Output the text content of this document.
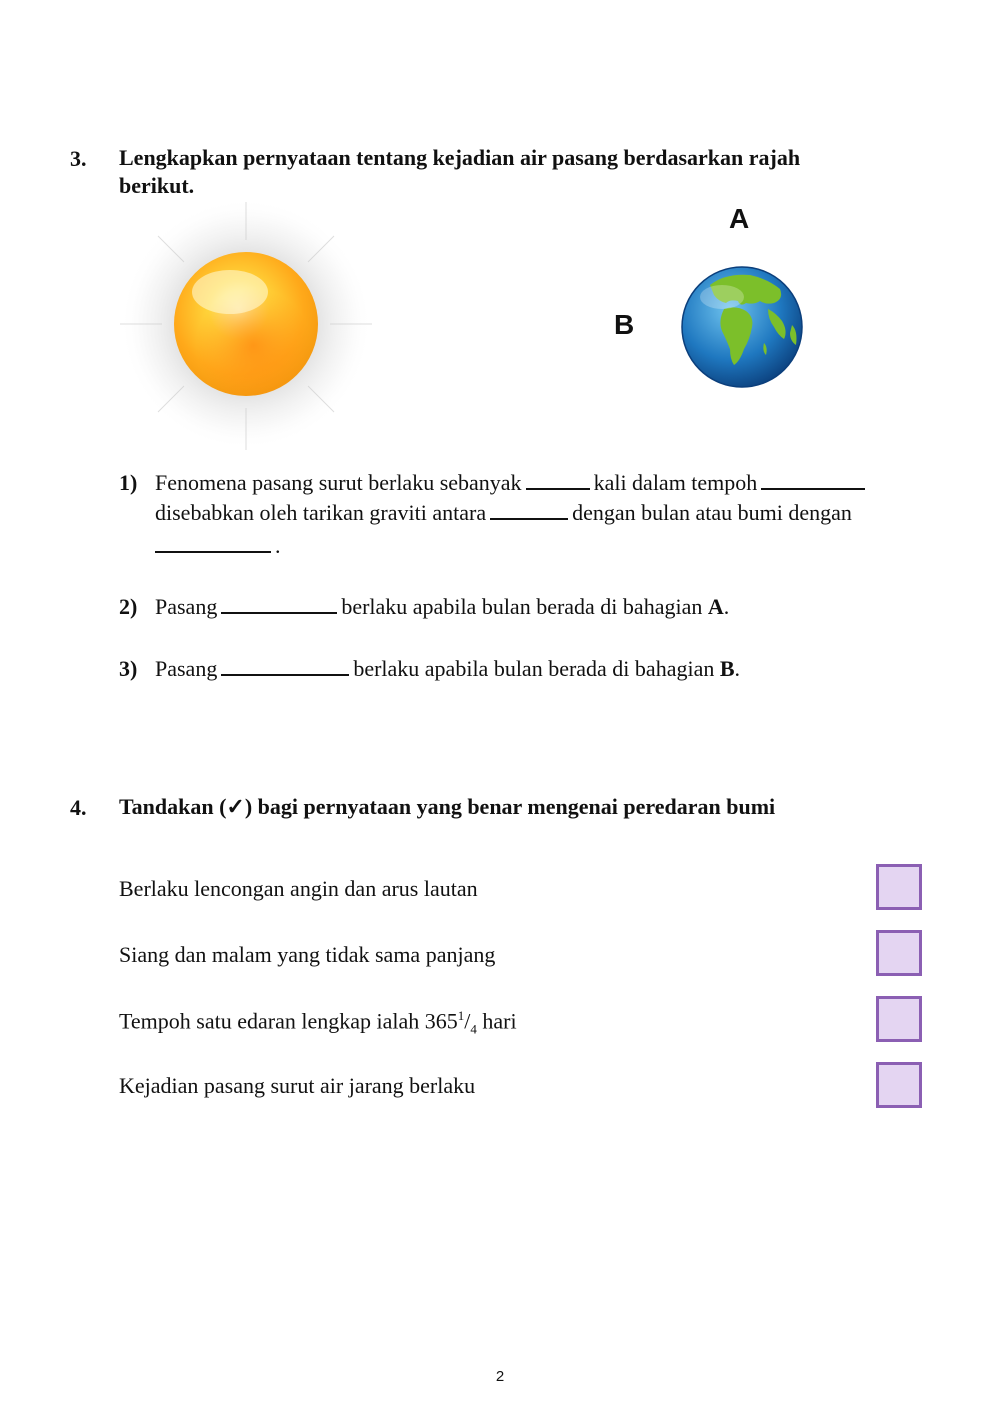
3. Lengkapkan pernyataan tentang kejadian air pasang berdasarkan rajah
berikut.
A
B
1) Fenomena pasang surut berlaku sebanyak	kali dalam tempoh
disebabkan oleh tarikan graviti antara	dengan bulan atau bumi dengan
.
2) Pasang	berlaku apabila bulan berada di bahagian A.
3) Pasang	berlaku apabila bulan berada di bahagian B.
4. Tandakan (✓) bagi pernyataan yang benar mengenai peredaran bumi
Berlaku lencongan angin dan arus lautan
Siang dan malam yang tidak sama panjang
Tempoh satu edaran lengkap ialah $365^1/_4$ hari
Kejadian pasang surut air jarang berlaku
2
